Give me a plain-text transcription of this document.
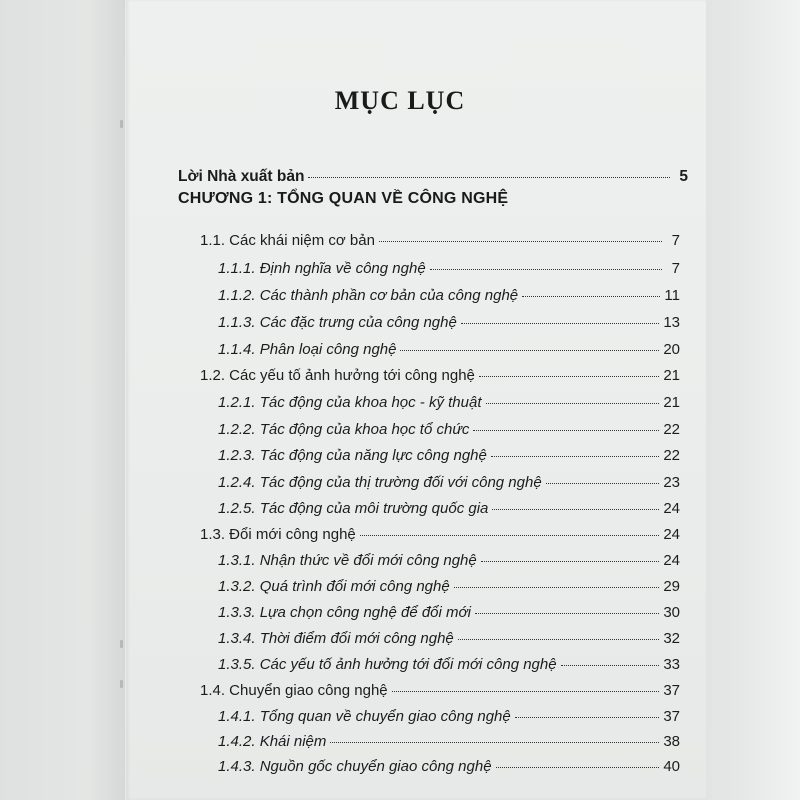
MỤC LỤC
CHƯƠNG 1: TỔNG QUAN VỀ CÔNG NGHỆ
Lời Nhà xuất bản	5
1.1. Các khái niệm cơ bản	7
1.1.1. Định nghĩa về công nghệ	7
1.1.2. Các thành phần cơ bản của công nghệ	11
1.1.3. Các đặc trưng của công nghệ	13
1.1.4. Phân loại công nghệ	20
1.2. Các yếu tố ảnh hưởng tới công nghệ	21
1.2.1. Tác động của khoa học - kỹ thuật	21
1.2.2. Tác động của khoa học tổ chức	22
1.2.3. Tác động của năng lực công nghệ	22
1.2.4. Tác động của thị trường đối với công nghệ	23
1.2.5. Tác động của môi trường quốc gia	24
1.3. Đổi mới công nghệ	24
1.3.1. Nhận thức về đổi mới công nghệ	24
1.3.2. Quá trình đổi mới công nghệ	29
1.3.3. Lựa chọn công nghệ để đổi mới	30
1.3.4. Thời điểm đổi mới công nghệ	32
1.3.5. Các yếu tố ảnh hưởng tới đổi mới công nghệ	33
1.4. Chuyển giao công nghệ	37
1.4.1. Tổng quan về chuyển giao công nghệ	37
1.4.2. Khái niệm	38
1.4.3. Nguồn gốc chuyển giao công nghệ	40
